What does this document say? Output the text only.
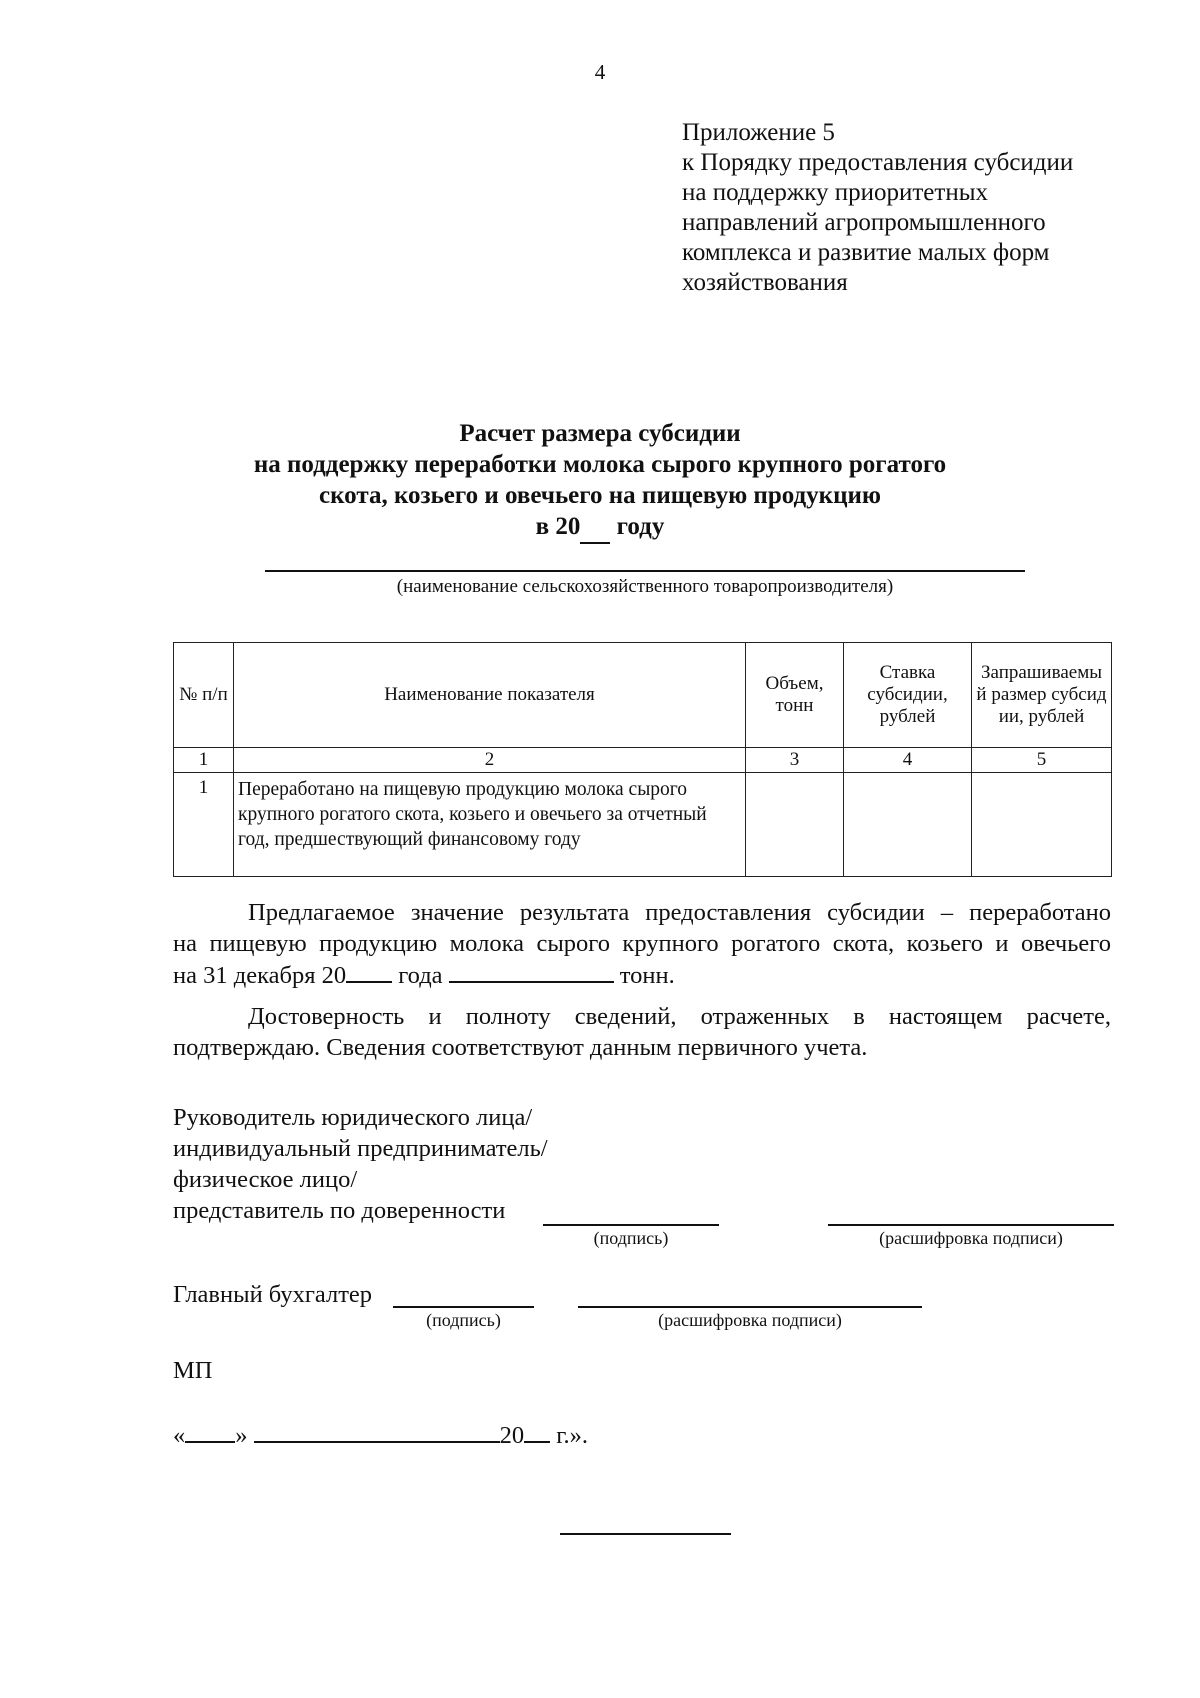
4
Приложение 5
к Порядку предоставления субсидии
на поддержку приоритетных
направлений агропромышленного
комплекса и развитие малых форм
хозяйствования
Расчет размера субсидии
на поддержку переработки молока сырого крупного рогатого
скота, козьего и овечьего на пищевую продукцию
в 20  году
(наименование сельскохозяйственного товаропроизводителя)
№ п/п	Наименование показателя	Объем, тонн	Ставка субсидии, рублей	Запрашиваемый размер субсидии, рублей
1	2	3	4	5
1	Переработано на пищевую продукцию молока сырого крупного рогатого скота, козьего и овечьего за отчетный год, предшествующий финансовому году			
Предлагаемое значение результата предоставления субсидии – переработано
на пищевую продукцию молока сырого крупного рогатого скота, козьего и овечьего
на 31 декабря 20 года	тонн.
Достоверность и полноту сведений, отраженных в настоящем расчете,
подтверждаю. Сведения соответствуют данным первичного учета.
Руководитель юридического лица/
индивидуальный предприниматель/
физическое лицо/
представитель по доверенности
(подпись)	(расшифровка подписи)
Главный бухгалтер
(подпись)	(расшифровка подписи)
МП
« »	20 г.».
